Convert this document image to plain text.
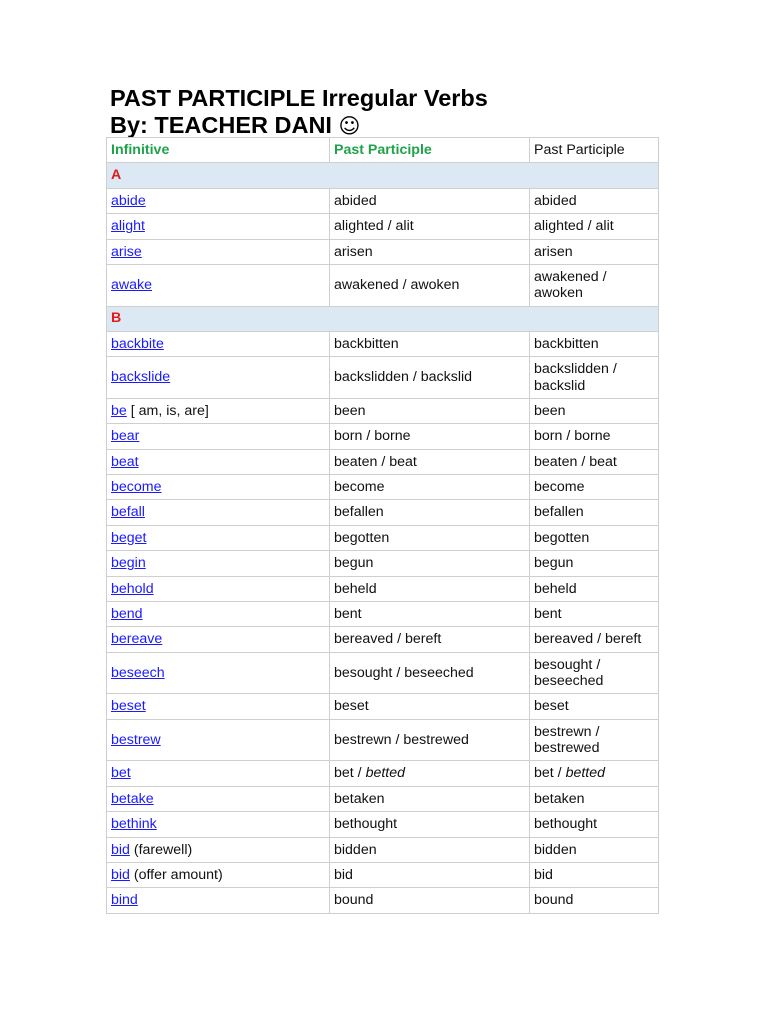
PAST PARTICIPLE Irregular Verbs
By: TEACHER DANI ☺
Infinitive	Past Participle	Past Participle
A		
abide	abided	abided
alight	alighted / alit	alighted / alit
arise	arisen	arisen
awake	awakened / awoken	awakened /
awoken
B		
backbite	backbitten	backbitten
backslide	backslidden / backslid	backslidden /
backslid
be [ am, is, are]	been	been
bear	born / borne	born / borne
beat	beaten / beat	beaten / beat
become	become	become
befall	befallen	befallen
beget	begotten	begotten
begin	begun	begun
behold	beheld	beheld
bend	bent	bent
bereave	bereaved / bereft	bereaved / bereft
beseech	besought / beseeched	besought /
beseeched
beset	beset	beset
bestrew	bestrewn / bestrewed	bestrewn /
bestrewed
bet	bet / betted	bet / betted
betake	betaken	betaken
bethink	bethought	bethought
bid (farewell)	bidden	bidden
bid (offer amount)	bid	bid
bind	bound	bound
